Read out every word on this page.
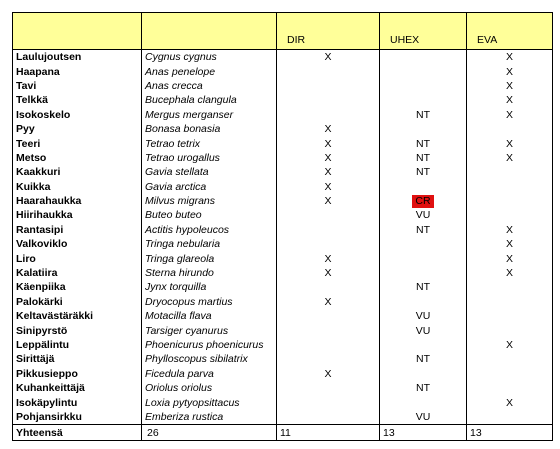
		DIR	UHEX	EVA
Laulujoutsen	Cygnus cygnus	X		X
Haapana	Anas penelope			X
Tavi	Anas crecca			X
Telkkä	Bucephala clangula			X
Isokoskelo	Mergus merganser		NT	X
Pyy	Bonasa bonasia	X		
Teeri	Tetrao tetrix	X	NT	X
Metso	Tetrao urogallus	X	NT	X
Kaakkuri	Gavia stellata	X	NT	
Kuikka	Gavia arctica	X		
Haarahaukka	Milvus migrans	X	CR	
Hiirihaukka	Buteo buteo		VU	
Rantasipi	Actitis hypoleucos		NT	X
Valkoviklo	Tringa nebularia			X
Liro	Tringa glareola	X		X
Kalatiira	Sterna hirundo	X		X
Käenpiika	Jynx torquilla		NT	
Palokärki	Dryocopus martius	X		
Keltavästäräkki	Motacilla flava		VU	
Sinipyrstö	Tarsiger cyanurus		VU	
Leppälintu	Phoenicurus phoenicurus			X
Sirittäjä	Phylloscopus sibilatrix		NT	
Pikkusieppo	Ficedula parva	X		
Kuhankeittäjä	Oriolus oriolus		NT	
Isokäpylintu	Loxia pytyopsittacus			X
Pohjansirkku	Emberiza rustica		VU	
Yhteensä	26	11	13	13
